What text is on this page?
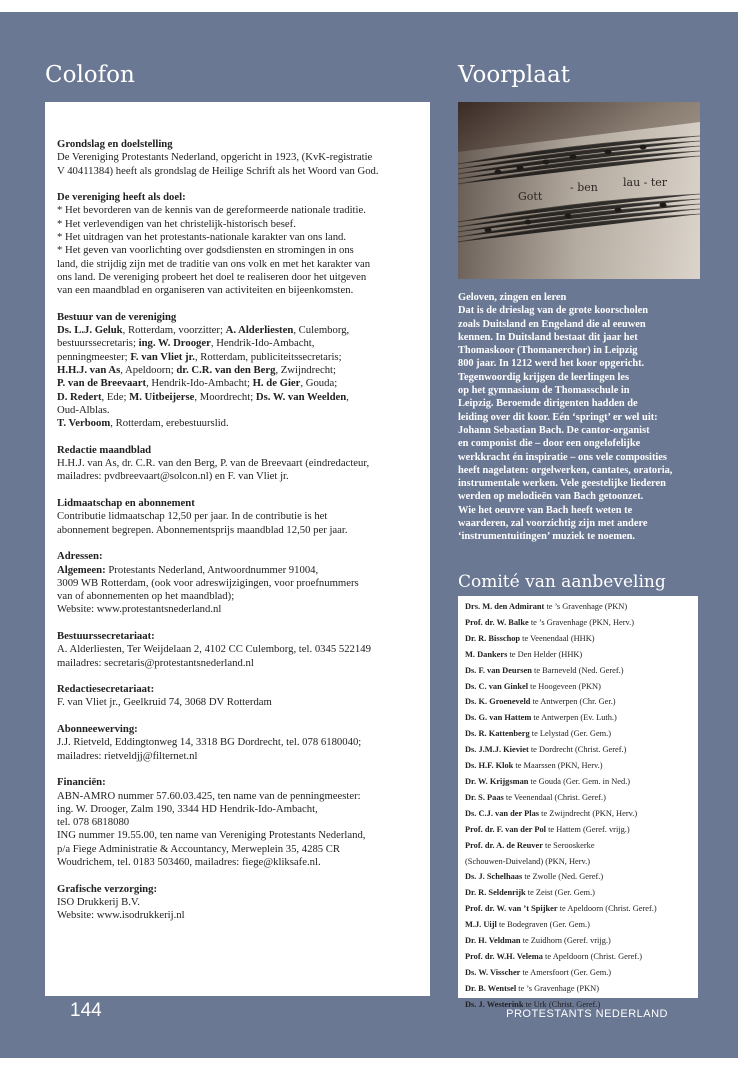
Colofon	Voorplaat
Grondslag en doelstelling
De Vereniging Protestants Nederland, opgericht in 1923, (KvK-registratie
V 40411384) heeft als grondslag de Heilige Schrift als het Woord van God.
De vereniging heeft als doel:
* Het bevorderen van de kennis van de gereformeerde nationale traditie.
* Het verlevendigen van het christelijk-historisch besef.
* Het uitdragen van het protestants-nationale karakter van ons land.
* Het geven van voorlichting over godsdiensten en stromingen in ons
land, die strijdig zijn met de traditie van ons volk en met het karakter van
ons land. De vereniging probeert het doel te realiseren door het uitgeven
van een maandblad en organiseren van activiteiten en bijeenkomsten.
Bestuur van de vereniging
Ds. L.J. Geluk, Rotterdam, voorzitter; A. Alderliesten, Culemborg,
bestuurssecretaris; ing. W. Drooger, Hendrik-Ido-Ambacht,
penningmeester; F. van Vliet jr., Rotterdam, publiciteitssecretaris;
H.H.J. van As, Apeldoorn; dr. C.R. van den Berg, Zwijndrecht;
P. van de Breevaart, Hendrik-Ido-Ambacht; H. de Gier, Gouda;
D. Redert, Ede; M. Uitbeijerse, Moordrecht; Ds. W. van Weelden,
Oud-Alblas.
T. Verboom, Rotterdam, erebestuurslid.
Redactie maandblad
H.H.J. van As, dr. C.R. van den Berg, P. van de Breevaart (eindredacteur,
mailadres: pvdbreevaart@solcon.nl) en F. van Vliet jr.
Lidmaatschap en abonnement
Contributie lidmaatschap 12,50 per jaar. In de contributie is het
abonnement begrepen. Abonnementsprijs maandblad 12,50 per jaar.
Adressen:
Algemeen: Protestants Nederland, Antwoordnummer 91004,
3009 WB Rotterdam, (ook voor adreswijzigingen, voor proefnummers
van of abonnementen op het maandblad);
Website: www.protestantsnederland.nl
Bestuurssecretariaat:
A. Alderliesten, Ter Weijdelaan 2, 4102 CC Culemborg, tel. 0345 522149
mailadres: secretaris@protestantsnederland.nl
Redactiesecretariaat:
F. van Vliet jr., Geelkruid 74, 3068 DV Rotterdam
Abonneewerving:
J.J. Rietveld, Eddingtonweg 14, 3318 BG Dordrecht, tel. 078 6180040;
mailadres: rietveldjj@filternet.nl
Financiën:
ABN-AMRO nummer 57.60.03.425, ten name van de penningmeester:
ing. W. Drooger, Zalm 190, 3344 HD Hendrik-Ido-Ambacht,
tel. 078 6818080
ING nummer 19.55.00, ten name van Vereniging Protestants Nederland,
p/a Fiege Administratie & Accountancy, Merweplein 35, 4285 CR
Woudrichem, tel. 0183 503460, mailadres: fiege@kliksafe.nl.
Grafische verzorging:
ISO Drukkerij B.V.
Website: www.isodrukkerij.nl
Gott
- ben lau - ter
Geloven, zingen en leren
Dat is de drieslag van de grote koorscholen
zoals Duitsland en Engeland die al eeuwen
kennen. In Duitsland bestaat dit jaar het
Thomaskoor (Thomanerchor) in Leipzig
800 jaar. In 1212 werd het koor opgericht.
Tegenwoordig krijgen de leerlingen les
op het gymnasium de Thomasschule in
Leipzig. Beroemde dirigenten hadden de
leiding over dit koor. Eén ‘springt’ er wel uit:
Johann Sebastian Bach. De cantor-organist
en componist die – door een ongelofelijke
werkkracht én inspiratie – ons vele composities
heeft nagelaten: orgelwerken, cantates, oratoria,
instrumentale werken. Vele geestelijke liederen
werden op melodieën van Bach getoonzet.
Wie het oeuvre van Bach heeft weten te
waarderen, zal voorzichtig zijn met andere
‘instrumentuitingen’ muziek te noemen.
Comité van aanbeveling
Drs. M. den Admirant te ’s Gravenhage (PKN)
Prof. dr. W. Balke te ’s Gravenhage (PKN, Herv.)
Dr. R. Bisschop te Veenendaal (HHK)
M. Dankers te Den Helder (HHK)
Ds. F. van Deursen te Barneveld (Ned. Geref.)
Ds. C. van Ginkel te Hoogeveen (PKN)
Ds. K. Groeneveld te Antwerpen (Chr. Ger.)
Ds. G. van Hattem te Antwerpen (Ev. Luth.)
Ds. R. Kattenberg te Lelystad (Ger. Gem.)
Ds. J.M.J. Kieviet te Dordrecht (Christ. Geref.)
Ds. H.F. Klok te Maarssen (PKN, Herv.)
Dr. W. Krijgsman te Gouda (Ger. Gem. in Ned.)
Dr. S. Paas te Veenendaal (Christ. Geref.)
Ds. C.J. van der Plas te Zwijndrecht (PKN, Herv.)
Prof. dr. F. van der Pol te Hattem (Geref. vrijg.)
Prof. dr. A. de Reuver te Serooskerke
(Schouwen-Duiveland) (PKN, Herv.)
Ds. J. Schelhaas te Zwolle (Ned. Geref.)
Dr. R. Seldenrijk te Zeist (Ger. Gem.)
Prof. dr. W. van ’t Spijker te Apeldoorn (Christ. Geref.)
M.J. Uijl te Bodegraven (Ger. Gem.)
Dr. H. Veldman te Zuidhorn (Geref. vrijg.)
Prof. dr. W.H. Velema te Apeldoorn (Christ. Geref.)
Ds. W. Visscher te Amersfoort (Ger. Gem.)
Dr. B. Wentsel te ’s Gravenhage (PKN)
Ds. J. Westerink te Urk (Christ. Geref.)
144	PROTESTANTS NEDERLAND
